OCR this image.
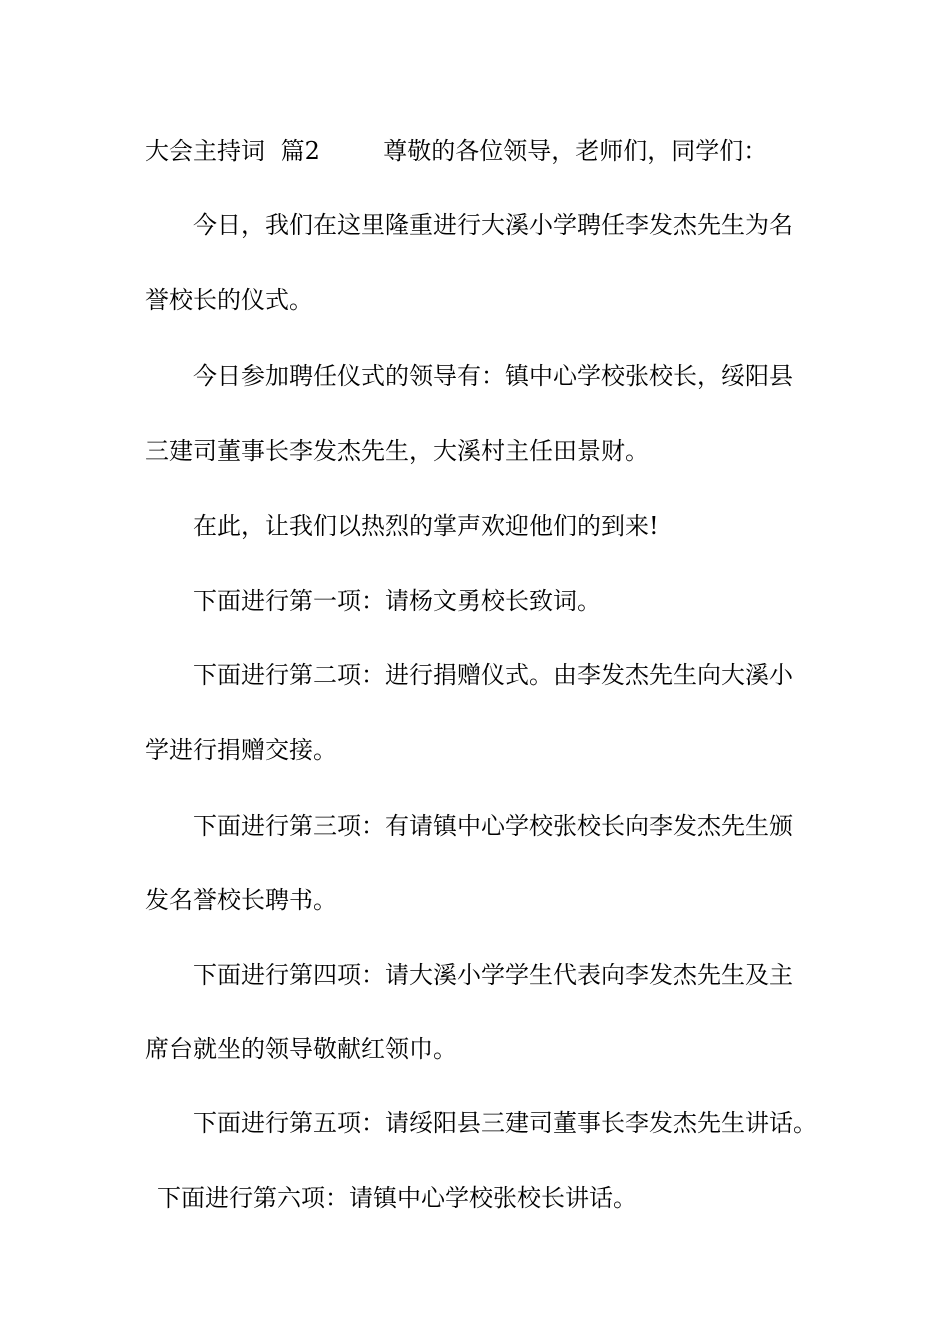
大会主持词 篇2	尊敬的各位领导，老师们，同学们：
今日，我们在这里隆重进行大溪小学聘任李发杰先生为名
誉校长的仪式。
今日参加聘任仪式的领导有：镇中心学校张校长，绥阳县
三建司董事长李发杰先生，大溪村主任田景财。
在此，让我们以热烈的掌声欢迎他们的到来!
下面进行第一项：请杨文勇校长致词。
下面进行第二项：进行捐赠仪式。由李发杰先生向大溪小
学进行捐赠交接。
下面进行第三项：有请镇中心学校张校长向李发杰先生颁
发名誉校长聘书。
下面进行第四项：请大溪小学学生代表向李发杰先生及主
席台就坐的领导敬献红领巾。
下面进行第五项：请绥阳县三建司董事长李发杰先生讲话。
下面进行第六项：请镇中心学校张校长讲话。
